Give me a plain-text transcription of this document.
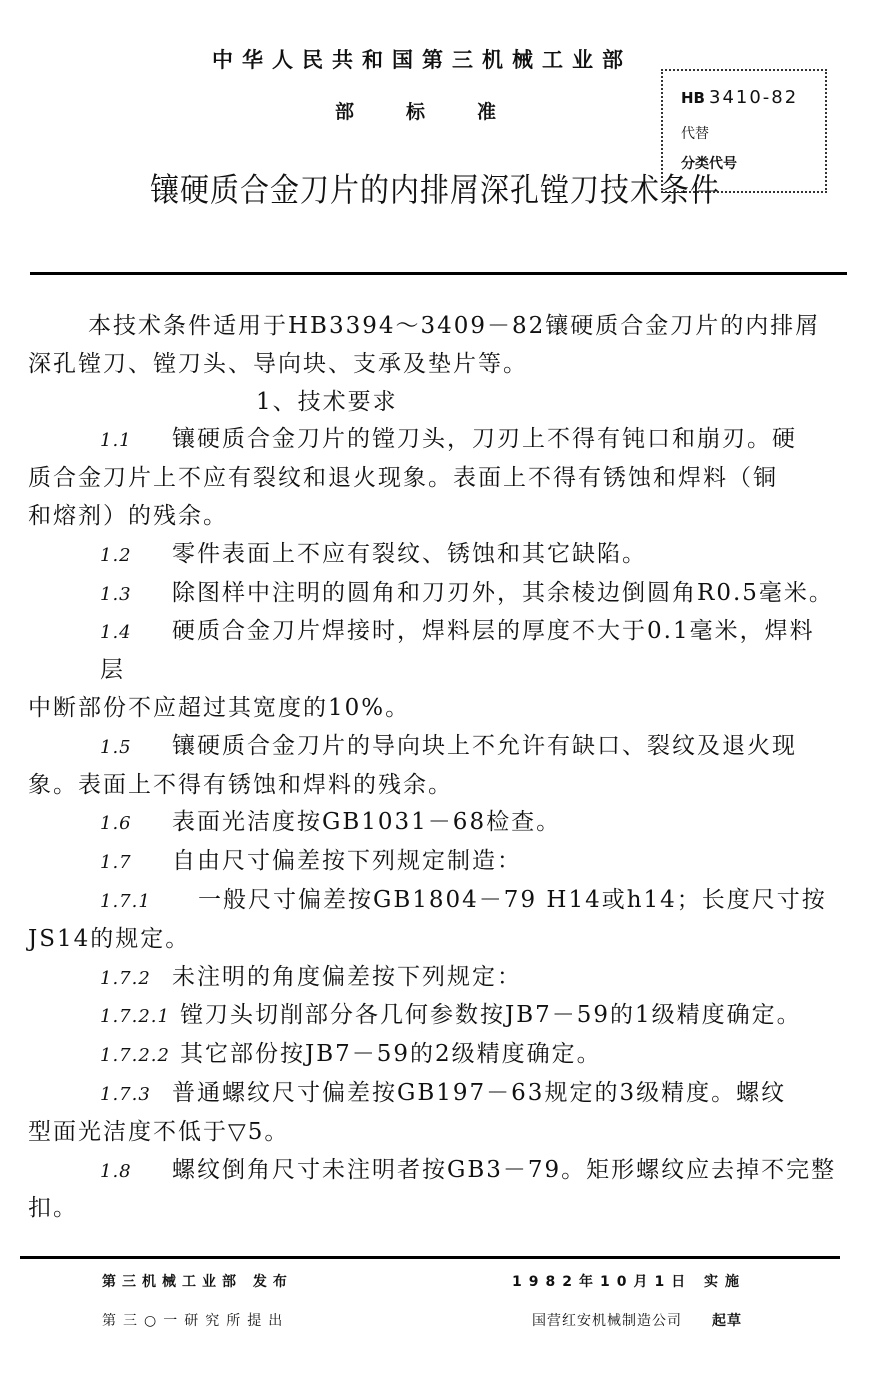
中华人民共和国第三机械工业部
部	标	准
镶硬质合金刀片的内排屑深孔镗刀技术条件
HB 3410-82
代替
分类代号

本技术条件适用于HB3394～3409－82镶硬质合金刀片的内排屑

深孔镗刀、镗刀头、导向块、支承及垫片等。

1、技术要求

1.1 镶硬质合金刀片的镗刀头，刀刃上不得有钝口和崩刃。硬

质合金刀片上不应有裂纹和退火现象。表面上不得有锈蚀和焊料（铜

和熔剂）的残余。

1.2 零件表面上不应有裂纹、锈蚀和其它缺陷。

1.3 除图样中注明的圆角和刀刃外，其余棱边倒圆角R0.5毫米。

1.4 硬质合金刀片焊接时，焊料层的厚度不大于0.1毫米，焊料层

中断部份不应超过其宽度的10%。

1.5 镶硬质合金刀片的导向块上不允许有缺口、裂纹及退火现

象。表面上不得有锈蚀和焊料的残余。

1.6 表面光洁度按GB1031－68检查。

1.7 自由尺寸偏差按下列规定制造：

1.7.1 一般尺寸偏差按GB1804－79 H14或h14；长度尺寸按

JS14的规定。

1.7.2 未注明的角度偏差按下列规定：

1.7.2.1 镗刀头切削部分各几何参数按JB7－59的1级精度确定。

1.7.2.2 其它部份按JB7－59的2级精度确定。

1.7.3 普通螺纹尺寸偏差按GB197－63规定的3级精度。螺纹

型面光洁度不低于▽5。

1.8 螺纹倒角尺寸未注明者按GB3－79。矩形螺纹应去掉不完整

扣。

第三机械工业部 发布	1982年10月1日 实施
第三○一研究所提出	国营红安机械制造公司 起草
